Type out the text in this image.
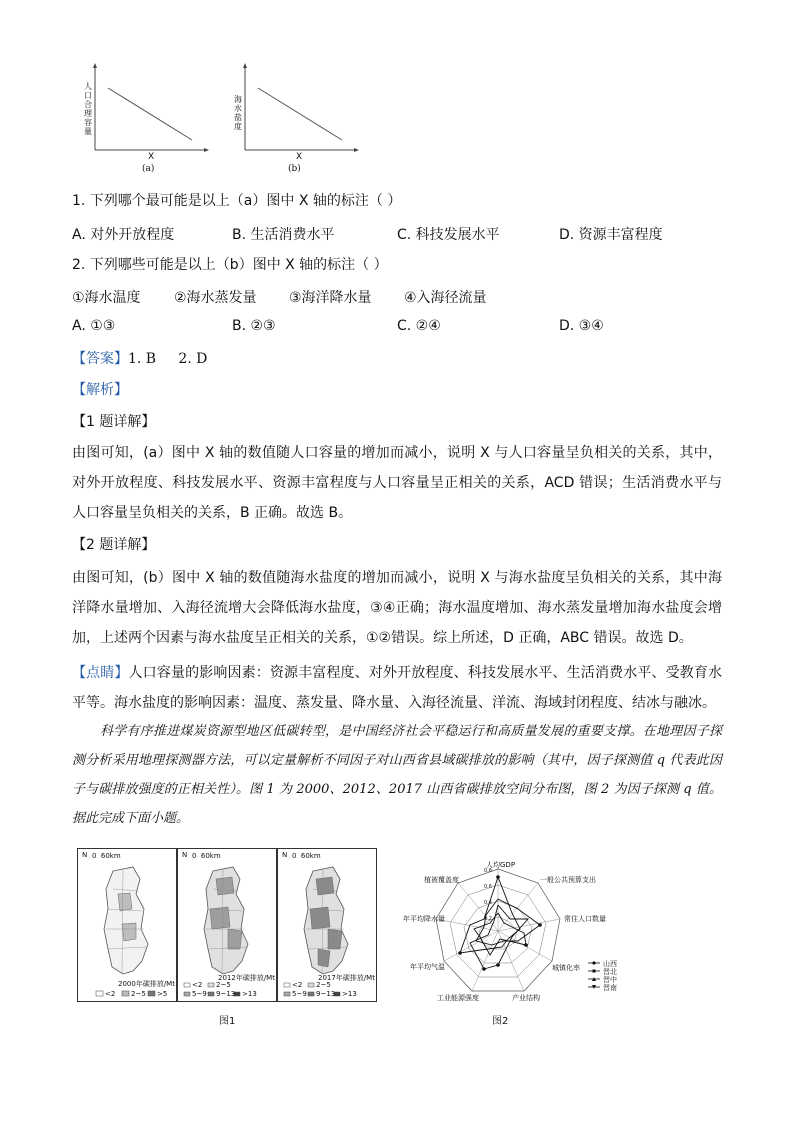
人口合理容量
X
(a)
海水盐度
X
(b)
1. 下列哪个最可能是以上（a）图中 X 轴的标注（ ）
A. 对外开放程度	B. 生活消费水平	C. 科技发展水平	D. 资源丰富程度
2. 下列哪些可能是以上（b）图中 X 轴的标注（ ）
①海水温度 ②海水蒸发量 ③海洋降水量 ④入海径流量
A. ①③	B. ②③	C. ②④	D. ③④
【答案】1. B     2. D
【解析】
【1 题详解】
由图可知，(a）图中 X 轴的数值随人口容量的增加而减小，说明 X 与人口容量呈负相关的关系，其中，对外开放程度、科技发展水平、资源丰富程度与人口容量呈正相关的关系，ACD 错误；生活消费水平与人口容量呈负相关的关系，B 正确。故选 B。
【2 题详解】
由图可知，(b）图中 X 轴的数值随海水盐度的增加而减小，说明 X 与海水盐度呈负相关的关系，其中海洋降水量增加、入海径流增大会降低海水盐度，③④正确；海水温度增加、海水蒸发量增加海水盐度会增加，上述两个因素与海水盐度呈正相关的关系，①②错误。综上所述，D 正确，ABC 错误。故选 D。
【点睛】人口容量的影响因素：资源丰富程度、对外开放程度、科技发展水平、生活消费水平、受教育水平等。海水盐度的影响因素：温度、蒸发量、降水量、入海径流量、洋流、海域封闭程度、结冰与融冰。
科学有序推进煤炭资源型地区低碳转型，是中国经济社会平稳运行和高质量发展的重要支撑。在地理因子探测分析采用地理探测器方法，可以定量解析不同因子对山西省县域碳排放的影响（其中，因子探测值 q 代表此因子与碳排放强度的正相关性）。图 1 为 2000、2012、2017 山西省碳排放空间分布图，图 2 为因子探测 q 值。据此完成下面小题。
N 0  60km
2000年碳排放/Mt
<2 2~5 >5
N 0  60km
2012年碳排放/Mt
<2 2~5
5~9 9~13 >13
N 0  60km
2017年碳排放/Mt
<2 2~5
5~9 9~13 >13
图1
人均GDP
一般公共预算支出
常住人口数量
城镇化率
产业结构
工业能源强度
年平均气温
年平均降水量
植被覆盖度
0.8
0.6
0.4
0.2
山西
晋北
晋中
晋南
图2
